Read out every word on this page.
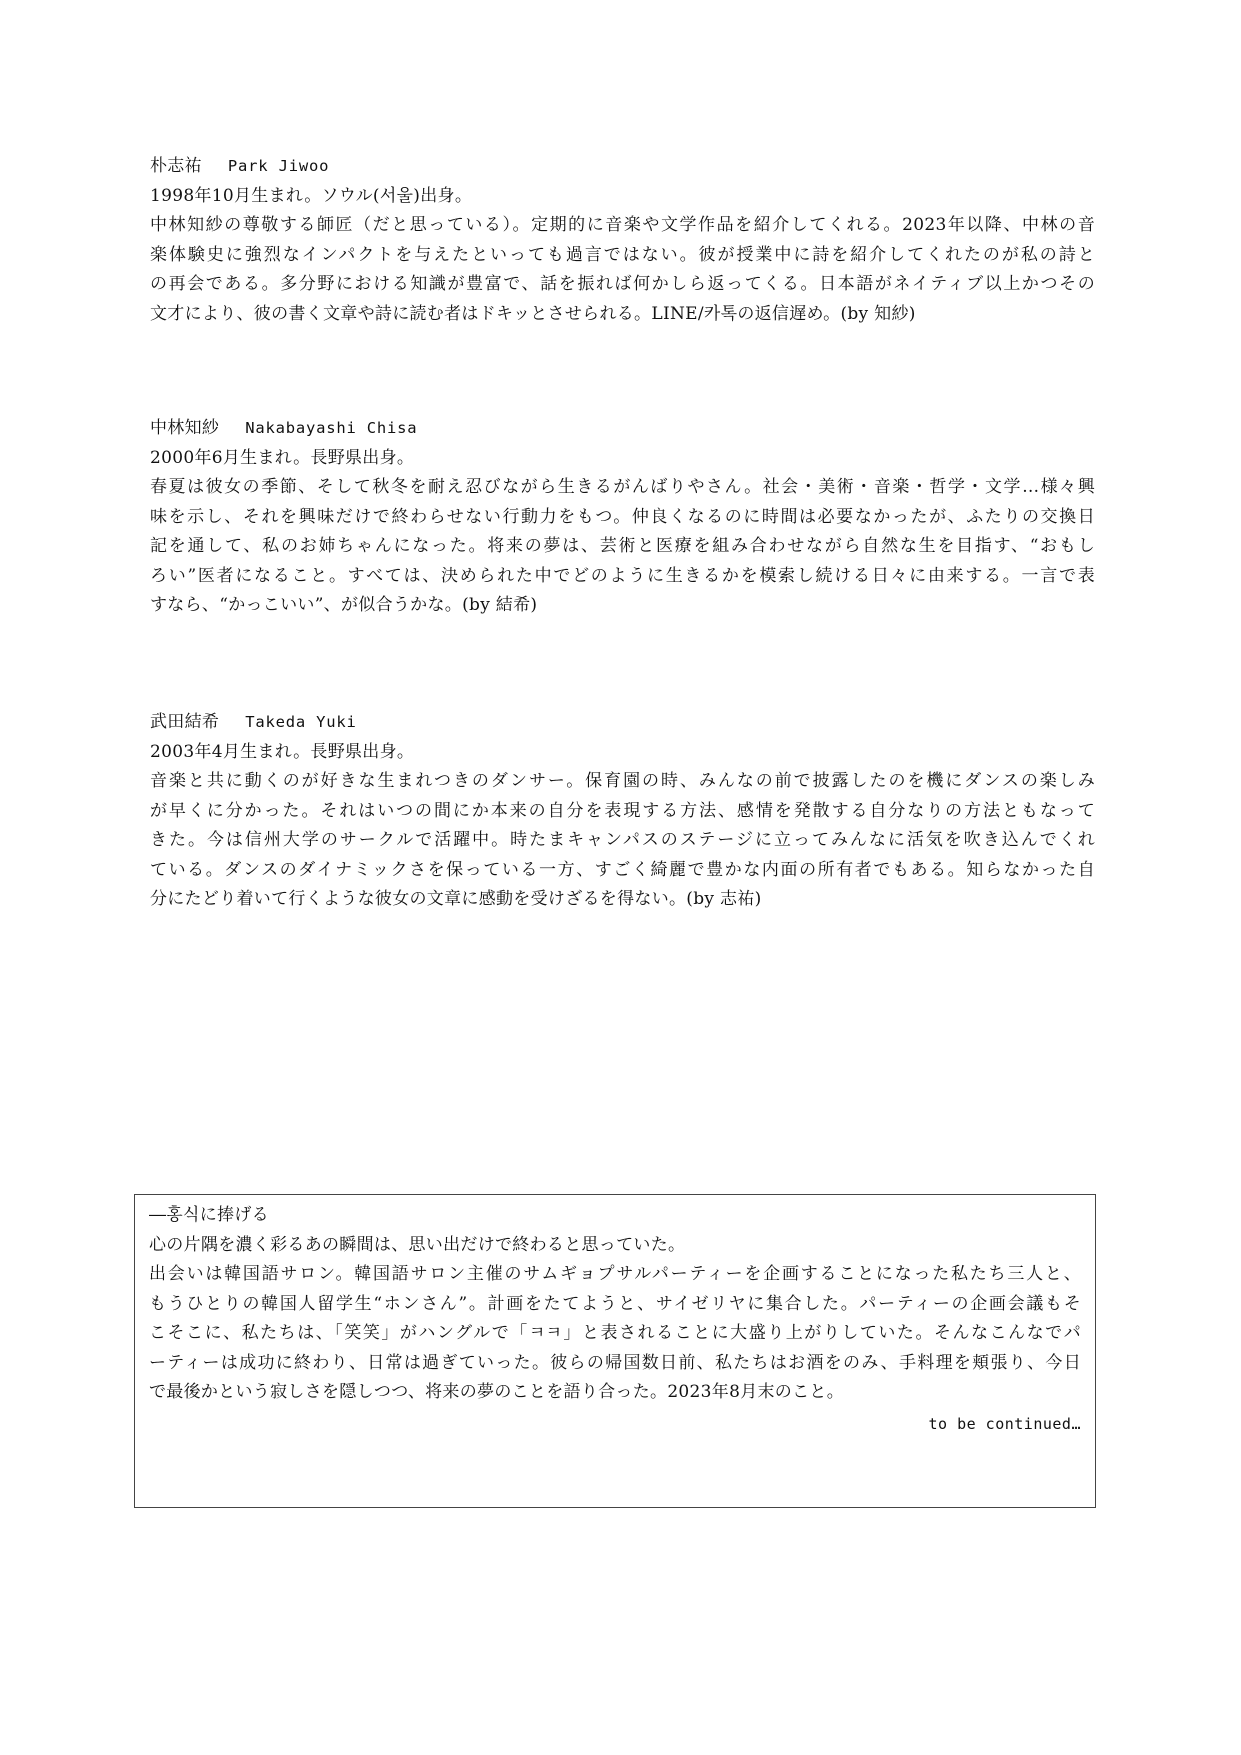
朴志祐 Park Jiwoo

1998年10月生まれ。ソウル(서울)出身。

中林知紗の尊敬する師匠（だと思っている）。定期的に音楽や文学作品を紹介してくれる。2023年以降、中林の音

楽体験史に強烈なインパクトを与えたといっても過言ではない。彼が授業中に詩を紹介してくれたのが私の詩と

の再会である。多分野における知識が豊富で、話を振れば何かしら返ってくる。日本語がネイティブ以上かつその

文才により、彼の書く文章や詩に読む者はドキッとさせられる。LINE/카톡の返信遅め。(by 知紗)

中林知紗 Nakabayashi Chisa

2000年6月生まれ。長野県出身。

春夏は彼女の季節、そして秋冬を耐え忍びながら生きるがんばりやさん。社会・美術・音楽・哲学・文学…様々興

味を示し、それを興味だけで終わらせない行動力をもつ。仲良くなるのに時間は必要なかったが、ふたりの交換日

記を通して、私のお姉ちゃんになった。将来の夢は、芸術と医療を組み合わせながら自然な生を目指す、“おもし

ろい”医者になること。すべては、決められた中でどのように生きるかを模索し続ける日々に由来する。一言で表

すなら、“かっこいい”、が似合うかな。(by 結希)

武田結希 Takeda Yuki

2003年4月生まれ。長野県出身。

音楽と共に動くのが好きな生まれつきのダンサー。保育園の時、みんなの前で披露したのを機にダンスの楽しみ

が早くに分かった。それはいつの間にか本来の自分を表現する方法、感情を発散する自分なりの方法ともなって

きた。今は信州大学のサークルで活躍中。時たまキャンパスのステージに立ってみんなに活気を吹き込んでくれ

ている。ダンスのダイナミックさを保っている一方、すごく綺麗で豊かな内面の所有者でもある。知らなかった自

分にたどり着いて行くような彼女の文章に感動を受けざるを得ない。(by 志祐)

―홍식に捧げる

心の片隅を濃く彩るあの瞬間は、思い出だけで終わると思っていた。

出会いは韓国語サロン。韓国語サロン主催のサムギョプサルパーティーを企画することになった私たち三人と、

もうひとりの韓国人留学生“ホンさん”。計画をたてようと、サイゼリヤに集合した。パーティーの企画会議もそ

こそこに、私たちは、「笑笑」がハングルで「ㅋㅋ」と表されることに大盛り上がりしていた。そんなこんなでパ

ーティーは成功に終わり、日常は過ぎていった。彼らの帰国数日前、私たちはお酒をのみ、手料理を頬張り、今日

で最後かという寂しさを隠しつつ、将来の夢のことを語り合った。2023年8月末のこと。

to be continued…
